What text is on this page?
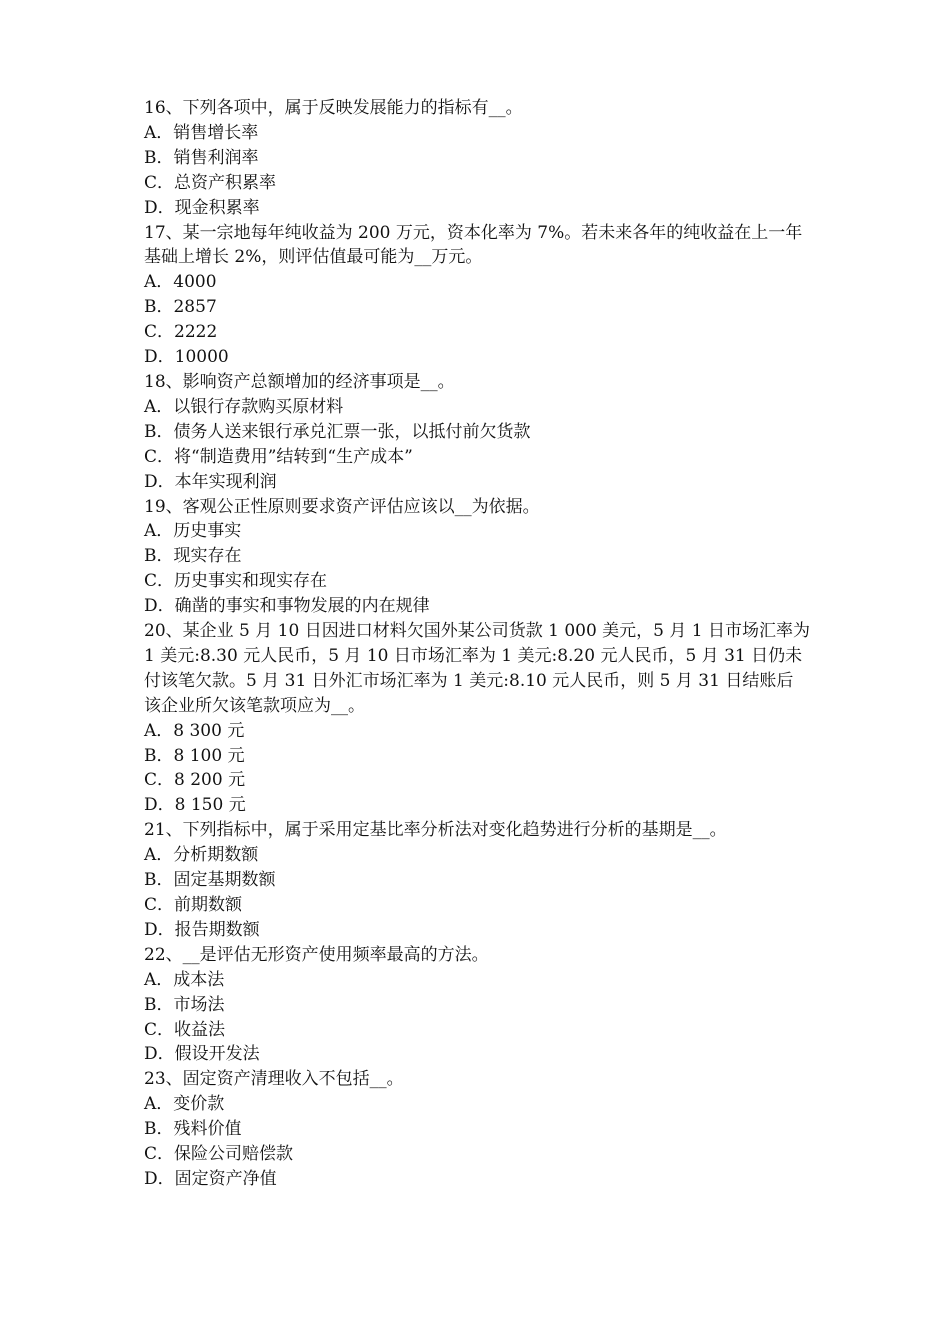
16、下列各项中，属于反映发展能力的指标有__。

A．销售增长率

B．销售利润率

C．总资产积累率

D．现金积累率

17、某一宗地每年纯收益为 200 万元，资本化率为 7%。若未来各年的纯收益在上一年基础上增长 2%，则评估值最可能为__万元。

A．4000

B．2857

C．2222

D．10000

18、影响资产总额增加的经济事项是__。

A．以银行存款购买原材料

B．债务人送来银行承兑汇票一张，以抵付前欠货款

C．将“制造费用”结转到“生产成本”

D．本年实现利润

19、客观公正性原则要求资产评估应该以__为依据。

A．历史事实

B．现实存在

C．历史事实和现实存在

D．确凿的事实和事物发展的内在规律

20、某企业 5 月 10 日因进口材料欠国外某公司货款 1 000 美元，5 月 1 日市场汇率为 1 美元:8.30 元人民币，5 月 10 日市场汇率为 1 美元:8.20 元人民币，5 月 31 日仍未付该笔欠款。5 月 31 日外汇市场汇率为 1 美元:8.10 元人民币，则 5 月 31 日结账后该企业所欠该笔款项应为__。

A．8 300 元

B．8 100 元

C．8 200 元

D．8 150 元

21、下列指标中，属于采用定基比率分析法对变化趋势进行分析的基期是__。

A．分析期数额

B．固定基期数额

C．前期数额

D．报告期数额

22、__是评估无形资产使用频率最高的方法。

A．成本法

B．市场法

C．收益法

D．假设开发法

23、固定资产清理收入不包括__。

A．变价款

B．残料价值

C．保险公司赔偿款

D．固定资产净值
